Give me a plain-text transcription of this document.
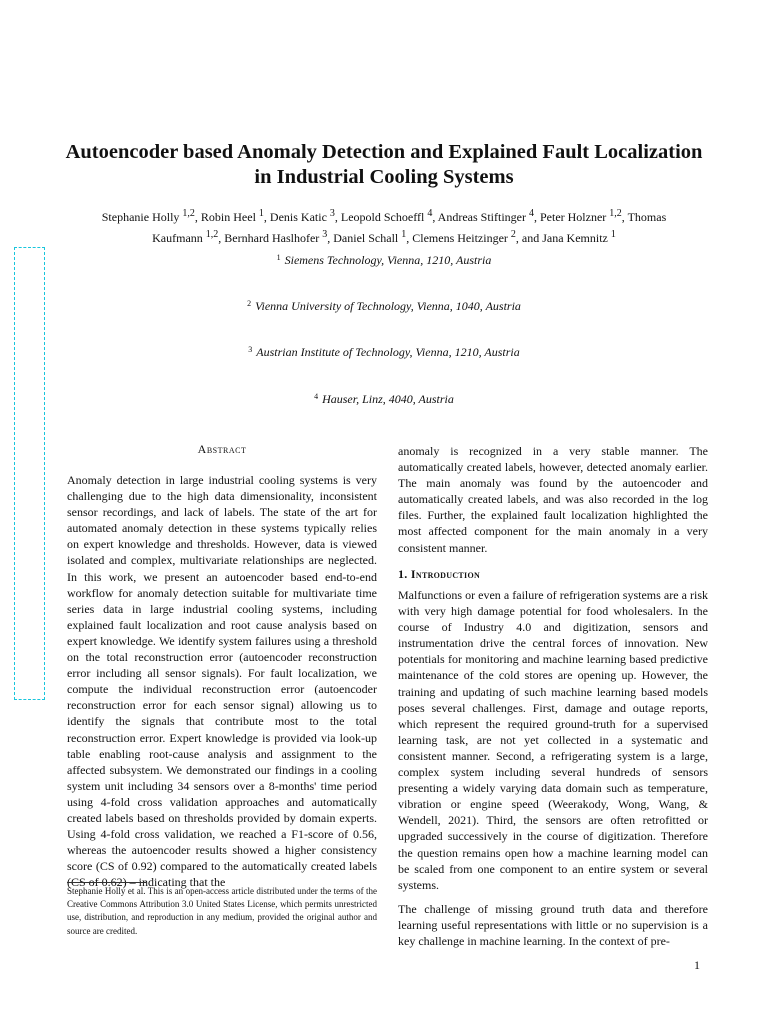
Autoencoder based Anomaly Detection and Explained Fault Localization in Industrial Cooling Systems
Stephanie Holly $^{1,2}$, Robin Heel $^1$, Denis Katic $^3$, Leopold Schoeffl $^4$, Andreas Stiftinger $^4$, Peter Holzner $^{1,2}$, Thomas Kaufmann $^{1,2}$, Bernhard Haslhofer $^3$, Daniel Schall $^1$, Clemens Heitzinger $^2$, and Jana Kemnitz $^1$
$^1$ Siemens Technology, Vienna, 1210, Austria
$^2$ Vienna University of Technology, Vienna, 1040, Austria
$^3$ Austrian Institute of Technology, Vienna, 1210, Austria
$^4$ Hauser, Linz, 4040, Austria
Abstract

Anomaly detection in large industrial cooling systems is very challenging due to the high data dimensionality, inconsistent sensor recordings, and lack of labels. The state of the art for automated anomaly detection in these systems typically relies on expert knowledge and thresholds. However, data is viewed isolated and complex, multivariate relationships are neglected. In this work, we present an autoencoder based end-to-end workflow for anomaly detection suitable for multivariate time series data in large industrial cooling systems, including explained fault localization and root cause analysis based on expert knowledge. We identify system failures using a threshold on the total reconstruction error (autoencoder reconstruction error including all sensor signals). For fault localization, we compute the individual reconstruction error (autoencoder reconstruction error for each sensor signal) allowing us to identify the signals that contribute most to the total reconstruction error. Expert knowledge is provided via look-up table enabling root-cause analysis and assignment to the affected subsystem. We demonstrated our findings in a cooling system unit including 34 sensors over a 8-months' time period using 4-fold cross validation approaches and automatically created labels based on thresholds provided by domain experts. Using 4-fold cross validation, we reached a F1-score of 0.56, whereas the autoencoder results showed a higher consistency score (CS of 0.92) compared to the automatically created labels (CS of 0.62) – indicating that the

anomaly is recognized in a very stable manner. The automatically created labels, however, detected anomaly earlier. The main anomaly was found by the autoencoder and automatically created labels, and was also recorded in the log files. Further, the explained fault localization highlighted the most affected component for the main anomaly in a very consistent manner.

1. Introduction

Malfunctions or even a failure of refrigeration systems are a risk with very high damage potential for food wholesalers. In the course of Industry 4.0 and digitization, sensors and instrumentation drive the central forces of innovation. New potentials for monitoring and machine learning based predictive maintenance of the cold stores are opening up. However, the training and updating of such machine learning based models poses several challenges. First, damage and outage reports, which represent the required ground-truth for a supervised learning task, are not yet collected in a systematic and consistent manner. Second, a refrigerating system is a large, complex system including several hundreds of sensors presenting a widely varying data domain such as temperature, vibration or engine speed (Weerakody, Wong, Wang, & Wendell, 2021). Third, the sensors are often retrofitted or upgraded successively in the course of digitization. Therefore the question remains open how a machine learning model can be scaled from one component to an entire system or several systems.

The challenge of missing ground truth data and therefore learning useful representations with little or no supervision is a key challenge in machine learning. In the context of pre-

Stephanie Holly et al. This is an open-access article distributed under the terms of the Creative Commons Attribution 3.0 United States License, which permits unrestricted use, distribution, and reproduction in any medium, provided the original author and source are credited.
1
